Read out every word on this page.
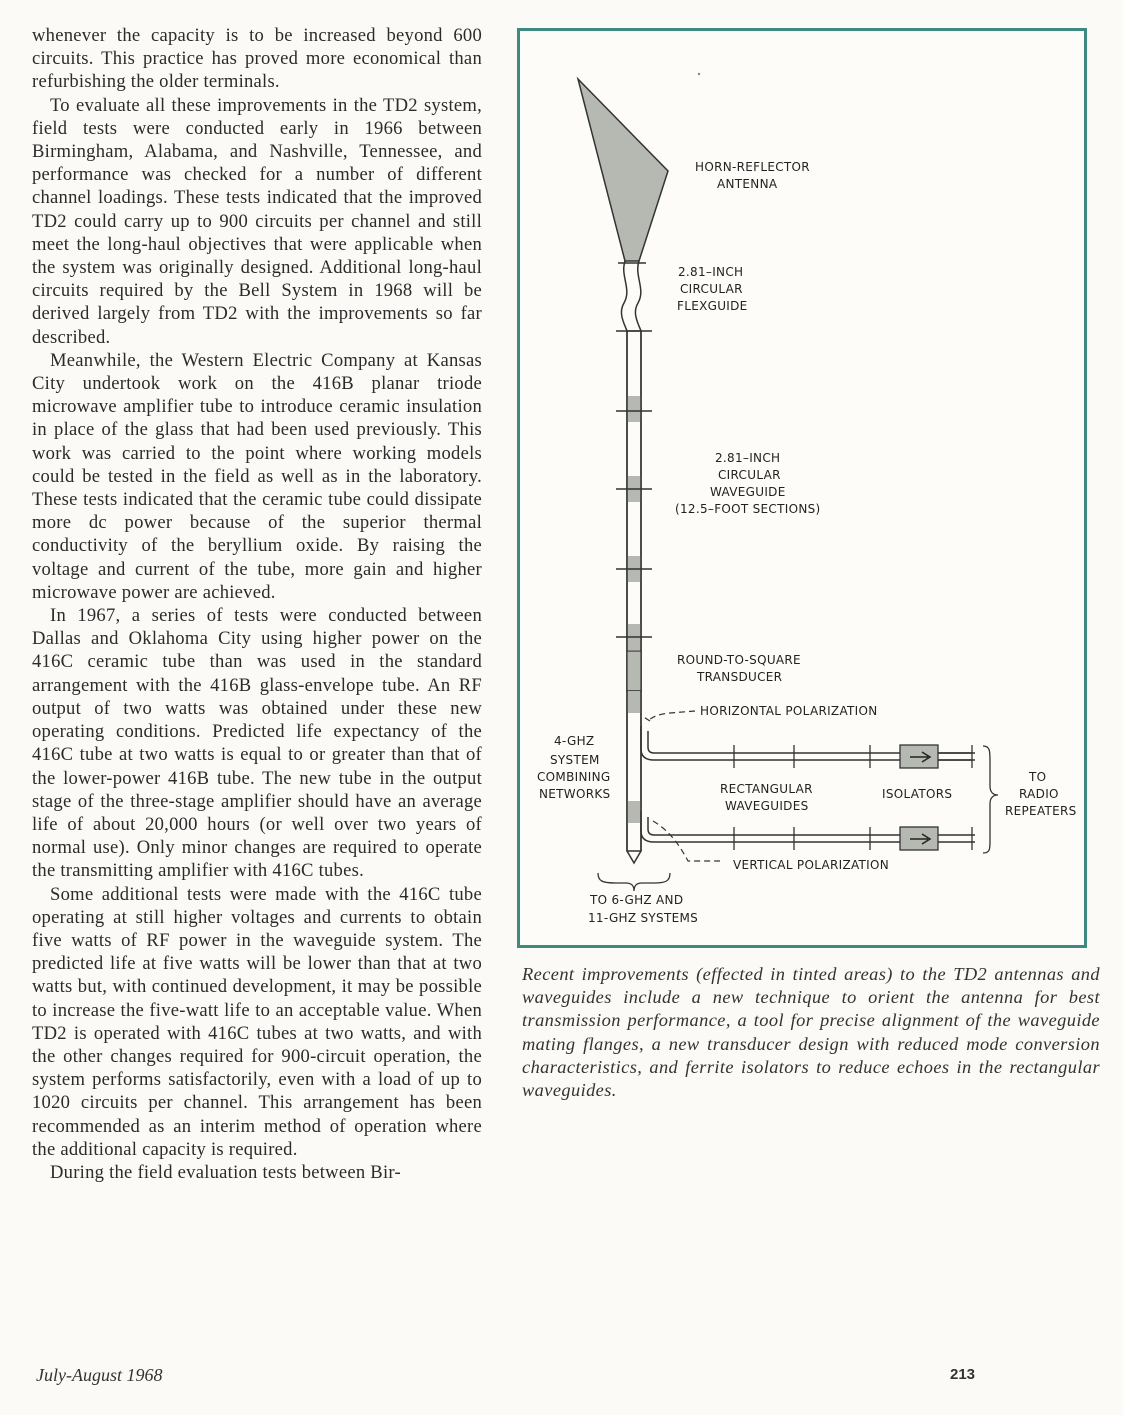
whenever the capacity is to be increased beyond 600 circuits. This practice has proved more economical than refurbishing the older terminals.

To evaluate all these improvements in the TD2 system, field tests were conducted early in 1966 between Birmingham, Alabama, and Nashville, Tennessee, and performance was checked for a number of different channel loadings. These tests indicated that the improved TD2 could carry up to 900 circuits per channel and still meet the long-haul objectives that were applicable when the system was originally designed. Additional long-haul circuits required by the Bell System in 1968 will be derived largely from TD2 with the improvements so far described.

Meanwhile, the Western Electric Company at Kansas City undertook work on the 416B planar triode microwave amplifier tube to introduce ceramic insulation in place of the glass that had been used previously. This work was carried to the point where working models could be tested in the field as well as in the laboratory. These tests indicated that the ceramic tube could dissipate more dc power because of the superior thermal conductivity of the beryllium oxide. By raising the voltage and current of the tube, more gain and higher microwave power are achieved.

In 1967, a series of tests were conducted between Dallas and Oklahoma City using higher power on the 416C ceramic tube than was used in the standard arrangement with the 416B glass-envelope tube. An RF output of two watts was obtained under these new operating conditions. Predicted life expectancy of the 416C tube at two watts is equal to or greater than that of the lower-power 416B tube. The new tube in the output stage of the three-stage amplifier should have an average life of about 20,000 hours (or well over two years of normal use). Only minor changes are required to operate the transmitting amplifier with 416C tubes.

Some additional tests were made with the 416C tube operating at still higher voltages and currents to obtain five watts of RF power in the waveguide system. The predicted life at five watts will be lower than that at two watts but, with continued development, it may be possible to increase the five-watt life to an acceptable value. When TD2 is operated with 416C tubes at two watts, and with the other changes required for 900-circuit operation, the system performs satisfactorily, even with a load of up to 1020 circuits per channel. This arrangement has been recommended as an interim method of operation where the additional capacity is required.

During the field evaluation tests between Bir-

HORN-REFLECTOR
ANTENNA
2.81–INCH
CIRCULAR
FLEXGUIDE
2.81–INCH
CIRCULAR
WAVEGUIDE
(12.5–FOOT SECTIONS)
ROUND-TO-SQUARE
TRANSDUCER
HORIZONTAL POLARIZATION
4-GHZ
SYSTEM
COMBINING
NETWORKS	RECTANGULAR
WAVEGUIDES
ISOLATORS
TO
RADIO
REPEATERS
VERTICAL POLARIZATION
TO 6-GHZ AND
11-GHZ SYSTEMS
Recent improvements (effected in tinted areas) to the TD2 antennas and waveguides include a new technique to orient the antenna for best transmission performance, a tool for precise alignment of the waveguide mating flanges, a new transducer design with reduced mode conversion characteristics, and ferrite isolators to reduce echoes in the rectangular waveguides.
July-August 1968	213
